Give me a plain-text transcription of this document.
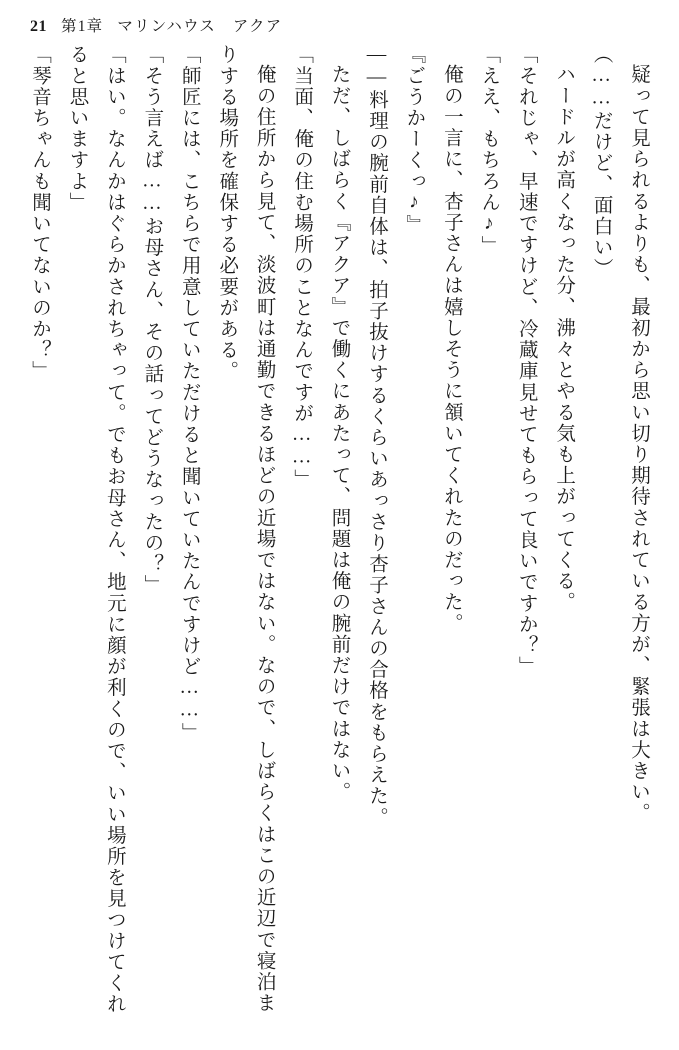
21 第1章 マリンハウス　アクア

疑って見られるよりも、最初から思い切り期待されている方が、緊張は大きい。

（……だけど、面白い）

ハードルが高くなった分、沸々とやる気も上がってくる。

「それじゃ、早速ですけど、冷蔵庫見せてもらって良いですか？」

「ええ、もちろん♪」

俺の一言に、杏子さんは嬉しそうに頷いてくれたのだった。

『ごうかーくっ♪』

――料理の腕前自体は、拍子抜けするくらいあっさり杏子さんの合格をもらえた。

ただ、しばらく『アクア』で働くにあたって、問題は俺の腕前だけではない。

「当面、俺の住む場所のことなんですが……」

俺の住所から見て、淡波町は通勤できるほどの近場ではない。なので、しばらくはこの近辺で寝泊まりする場所を確保する必要がある。

「師匠には、こちらで用意していただけると聞いていたんですけど……」

「そう言えば……お母さん、その話ってどうなったの？」

「はい。なんかはぐらかされちゃって。でもお母さん、地元に顔が利くので、いい場所を見つけてくれると思いますよ」

「琴音ちゃんも聞いてないのか？」
